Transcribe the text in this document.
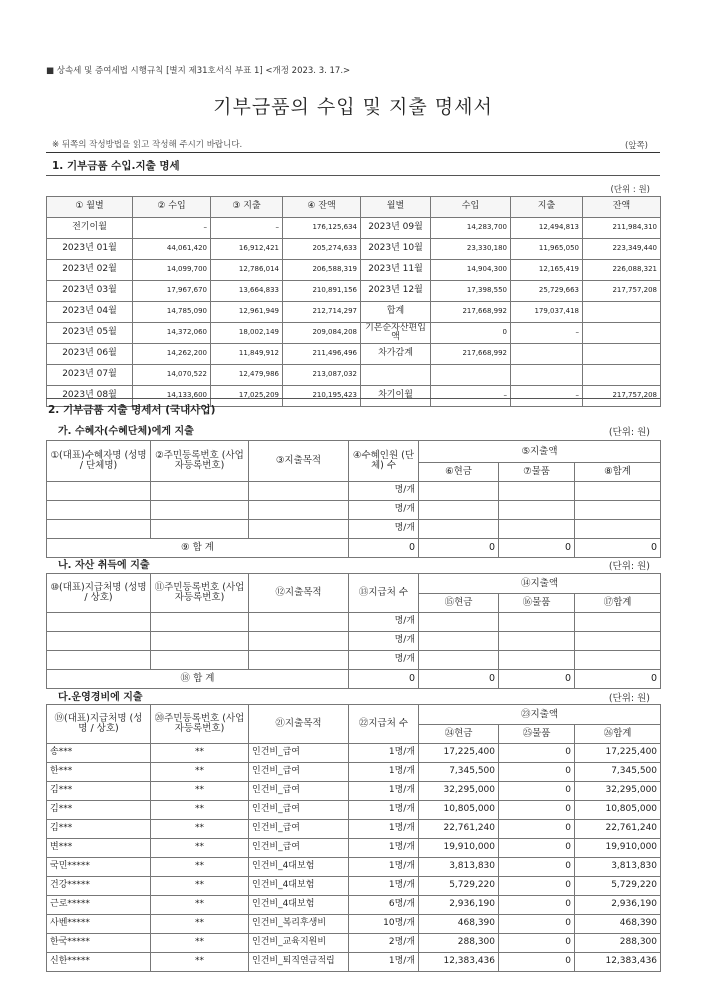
■ 상속세 및 증여세법 시행규칙 [별지 제31호서식 부표 1] <개정 2023. 3. 17.>
기부금품의 수입 및 지출 명세서
※ 뒤쪽의 작성방법을 읽고 작성해 주시기 바랍니다.	(앞쪽)
1. 기부금품 수입.지출 명세
(단위 : 원)
① 월별	② 수입	③ 지출	④ 잔액	월별	수입	지출	잔액
전기이월	–	–	176,125,634	2023년 09월	14,283,700	12,494,813	211,984,310
2023년 01월	44,061,420	16,912,421	205,274,633	2023년 10월	23,330,180	11,965,050	223,349,440
2023년 02월	14,099,700	12,786,014	206,588,319	2023년 11월	14,904,300	12,165,419	226,088,321
2023년 03월	17,967,670	13,664,833	210,891,156	2023년 12월	17,398,550	25,729,663	217,757,208
2023년 04월	14,785,090	12,961,949	212,714,297	합계	217,668,992	179,037,418	
2023년 05월	14,372,060	18,002,149	209,084,208	기본순자산편입액	0	–	
2023년 06월	14,262,200	11,849,912	211,496,496	차가감계	217,668,992		
2023년 07월	14,070,522	12,479,986	213,087,032				
2023년 08월	14,133,600	17,025,209	210,195,423	차기이월	–	–	217,757,208
2. 기부금품 지출 명세서 (국내사업)
가. 수혜자(수혜단체)에게 지출	(단위: 원)
①(대표)수혜자명 (성명 / 단체명)	②주민등록번호 (사업자등록번호)	③지출목적	④수혜인원 (단체) 수	⑤지출액		
				⑥현금	⑦물품	⑧합계
			명/개			
			명/개			
			명/개			
⑨ 합 계			0	0	0	0
나. 자산 취득에 지출	(단위: 원)
⑩(대표)지급처명 (성명 / 상호)	⑪주민등록번호 (사업자등록번호)	⑫지출목적	⑬지급처 수	⑭지출액		
				⑮현금	⑯물품	⑰합계
			명/개			
			명/개			
			명/개			
⑱ 합 계			0	0	0	0
다.운영경비에 지출	(단위: 원)
⑲(대표)지급처명 (성명 / 상호)	⑳주민등록번호 (사업자등록번호)	㉑지출목적	㉒지급처 수	㉓지출액		
				㉔현금	㉕물품	㉖합계
송***	**	인건비_급여	1명/개	17,225,400	0	17,225,400
한***	**	인건비_급여	1명/개	7,345,500	0	7,345,500
김***	**	인건비_급여	1명/개	32,295,000	0	32,295,000
김***	**	인건비_급여	1명/개	10,805,000	0	10,805,000
김***	**	인건비_급여	1명/개	22,761,240	0	22,761,240
변***	**	인건비_급여	1명/개	19,910,000	0	19,910,000
국민*****	**	인건비_4대보험	1명/개	3,813,830	0	3,813,830
건강*****	**	인건비_4대보험	1명/개	5,729,220	0	5,729,220
근로*****	**	인건비_4대보험	6명/개	2,936,190	0	2,936,190
사벤*****	**	인건비_복리후생비	10명/개	468,390	0	468,390
한국*****	**	인건비_교육지원비	2명/개	288,300	0	288,300
신한*****	**	인건비_퇴직연금적립	1명/개	12,383,436	0	12,383,436
